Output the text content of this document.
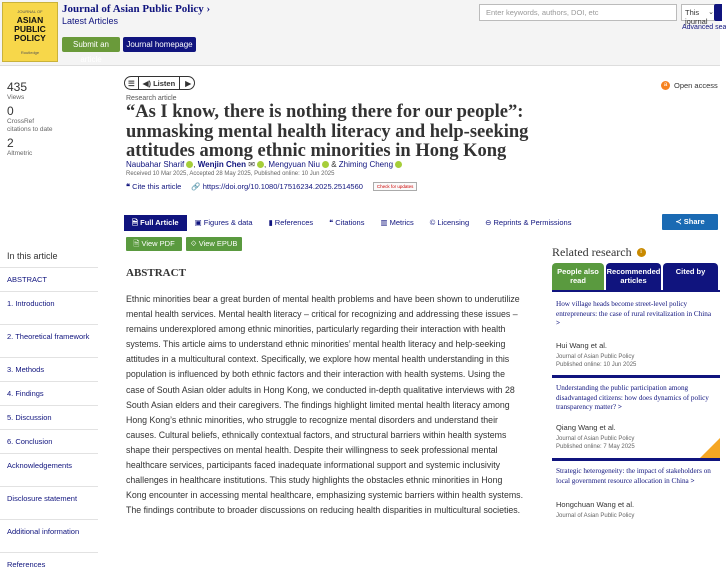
JOURNAL OF
ASIAN PUBLIC POLICY
Routledge
Journal of Asian Public Policy ›
Latest Articles
Submit an article
Journal homepage
Enter keywords, authors, DOI, etc	This journal
⌄
Advanced sea
435
Views
0
CrossRef citations to date
2
Altmetric
☰	◀)
Listen	▶	a Open access
Research article
“As I know, there is nothing there for our people”: unmasking mental health literacy and help-seeking attitudes among ethnic minorities in Hong Kong
Naubahar Sharif , Wenjin Chen ✉ , Mengyuan Niu & Zhiming Cheng
Received 10 Mar 2025, Accepted 28 May 2025, Published online: 10 Jun 2025
❝ Cite this article 🔗 https://doi.org/10.1080/17516234.2025.2514560	Check for updates
🗎 Full Article	▣ Figures & data	▮ References	❝ Citations	▥ Metrics	© Licensing	⊖ Reprints & Permissions	≺ Share
In this article
ABSTRACT
1. Introduction
2. Theoretical framework
3. Methods
4. Findings
5. Discussion
6. Conclusion
Acknowledgements
Disclosure statement
Additional information
References
🗎 View PDF	⟐ View EPUB
ABSTRACT
Ethnic minorities bear a great burden of mental health problems and have been shown to underutilize mental health services. Mental health literacy – critical for recognizing and addressing these issues – remains underexplored among ethnic minorities, particularly regarding their interaction with health systems. This article aims to understand ethnic minorities’ mental health literacy and help-seeking attitudes in a multicultural context. Specifically, we explore how mental health understanding in this population is influenced by both ethnic factors and their interaction with health systems. Using the case of South Asian older adults in Hong Kong, we conducted in-depth qualitative interviews with 28 South Asian elders and their caregivers. The findings highlight limited mental health literacy among Hong Kong’s ethnic minorities, who struggle to recognize mental disorders and understand their causes. Cultural beliefs, ethnically contextual factors, and structural barriers within health systems shape their perspectives on mental health. Despite their willingness to seek professional mental healthcare services, participants faced inadequate informational support and systemic inclusivity challenges in healthcare institutions. This study highlights the obstacles ethnic minorities in Hong Kong encounter in accessing mental healthcare, emphasizing systemic barriers within health systems. The findings contribute to broader discussions on reducing health disparities in multicultural societies.
Related research	i
People also read
Recommended articles
Cited by
How village heads become street-level policy entrepreneurs: the case of rural revitalization in China >
Hui Wang et al.
Journal of Asian Public Policy
Published online: 10 Jun 2025
Understanding the public participation among disadvantaged citizens: how does dynamics of policy transparency matter? >
Qiang Wang et al.
Journal of Asian Public Policy
Published online: 7 May 2025
Strategic heterogeneity: the impact of stakeholders on local government resource allocation in China >
Hongchuan Wang et al.
Journal of Asian Public Policy
